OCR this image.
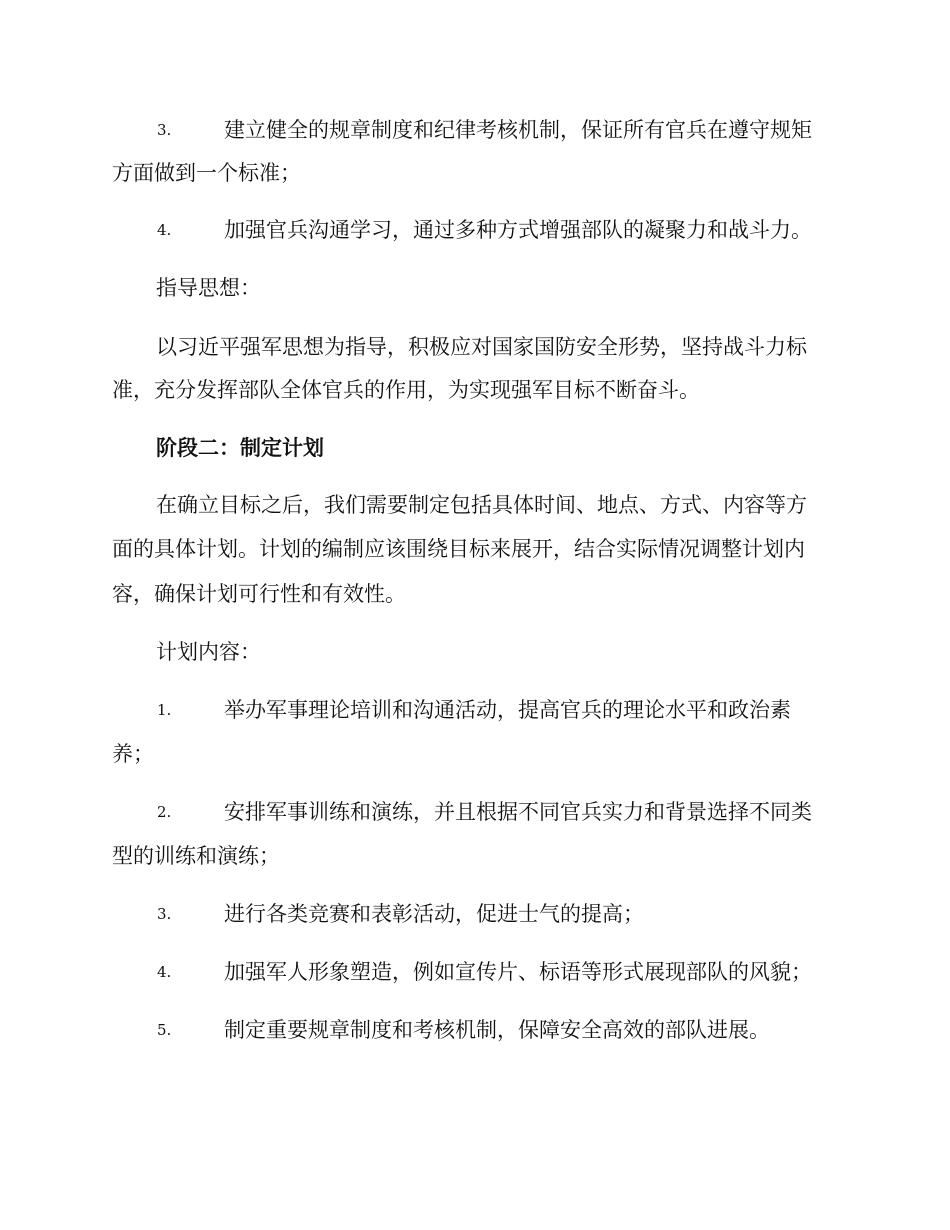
3.	建立健全的规章制度和纪律考核机制，保证所有官兵在遵守规矩
方面做到一个标准；
4.	加强官兵沟通学习，通过多种方式增强部队的凝聚力和战斗力。
指导思想：
以习近平强军思想为指导，积极应对国家国防安全形势，坚持战斗力标
准，充分发挥部队全体官兵的作用，为实现强军目标不断奋斗。
阶段二：制定计划
在确立目标之后，我们需要制定包括具体时间、地点、方式、内容等方
面的具体计划。计划的编制应该围绕目标来展开，结合实际情况调整计划内
容，确保计划可行性和有效性。
计划内容：
1.	举办军事理论培训和沟通活动，提高官兵的理论水平和政治素
养；
2.	安排军事训练和演练，并且根据不同官兵实力和背景选择不同类
型的训练和演练；
3.	进行各类竞赛和表彰活动，促进士气的提高；
4.	加强军人形象塑造，例如宣传片、标语等形式展现部队的风貌；
5.	制定重要规章制度和考核机制，保障安全高效的部队进展。
